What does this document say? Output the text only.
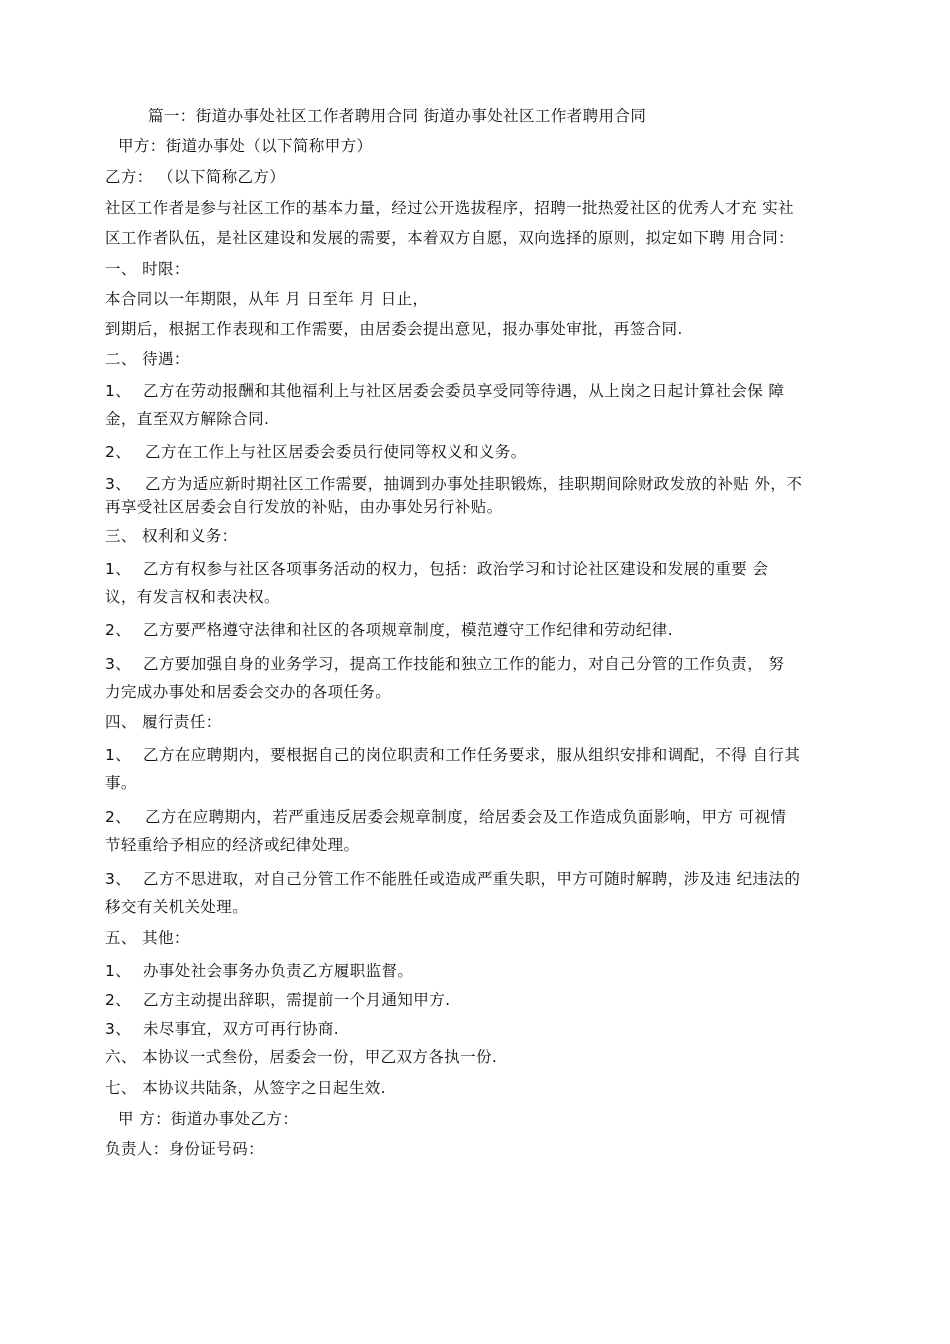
篇一：街道办事处社区工作者聘用合同 街道办事处社区工作者聘用合同
甲方：街道办事处（以下简称甲方）
乙方： （以下简称乙方）
社区工作者是参与社区工作的基本力量，经过公开选拔程序，招聘一批热爱社区的优秀人才充 实社
区工作者队伍，是社区建设和发展的需要，本着双方自愿，双向选择的原则，拟定如下聘 用合同：
一、 时限：
本合同以一年期限，从年 月 日至年 月 日止，
到期后，根据工作表现和工作需要，由居委会提出意见，报办事处审批，再签合同.
二、 待遇：
1、 乙方在劳动报酬和其他福利上与社区居委会委员享受同等待遇，从上岗之日起计算社会保 障
金，直至双方解除合同.
2、 乙方在工作上与社区居委会委员行使同等权义和义务。
3、 乙方为适应新时期社区工作需要，抽调到办事处挂职锻炼，挂职期间除财政发放的补贴 外，不
再享受社区居委会自行发放的补贴，由办事处另行补贴。
三、 权利和义务：
1、 乙方有权参与社区各项事务活动的权力，包括：政治学习和讨论社区建设和发展的重要 会
议，有发言权和表决权。
2、 乙方要严格遵守法律和社区的各项规章制度，模范遵守工作纪律和劳动纪律.
3、 乙方要加强自身的业务学习，提高工作技能和独立工作的能力，对自己分管的工作负责， 努
力完成办事处和居委会交办的各项任务。
四、 履行责任：
1、 乙方在应聘期内，要根据自己的岗位职责和工作任务要求，服从组织安排和调配，不得 自行其
事。
2、 乙方在应聘期内，若严重违反居委会规章制度，给居委会及工作造成负面影响，甲方 可视情
节轻重给予相应的经济或纪律处理。
3、 乙方不思进取，对自己分管工作不能胜任或造成严重失职，甲方可随时解聘，涉及违 纪违法的
移交有关机关处理。
五、 其他：
1、 办事处社会事务办负责乙方履职监督。
2、 乙方主动提出辞职，需提前一个月通知甲方.
3、 未尽事宜，双方可再行协商.
六、 本协议一式叁份，居委会一份，甲乙双方各执一份.
七、 本协议共陆条，从签字之日起生效.
甲 方：街道办事处乙方：
负责人：身份证号码：
